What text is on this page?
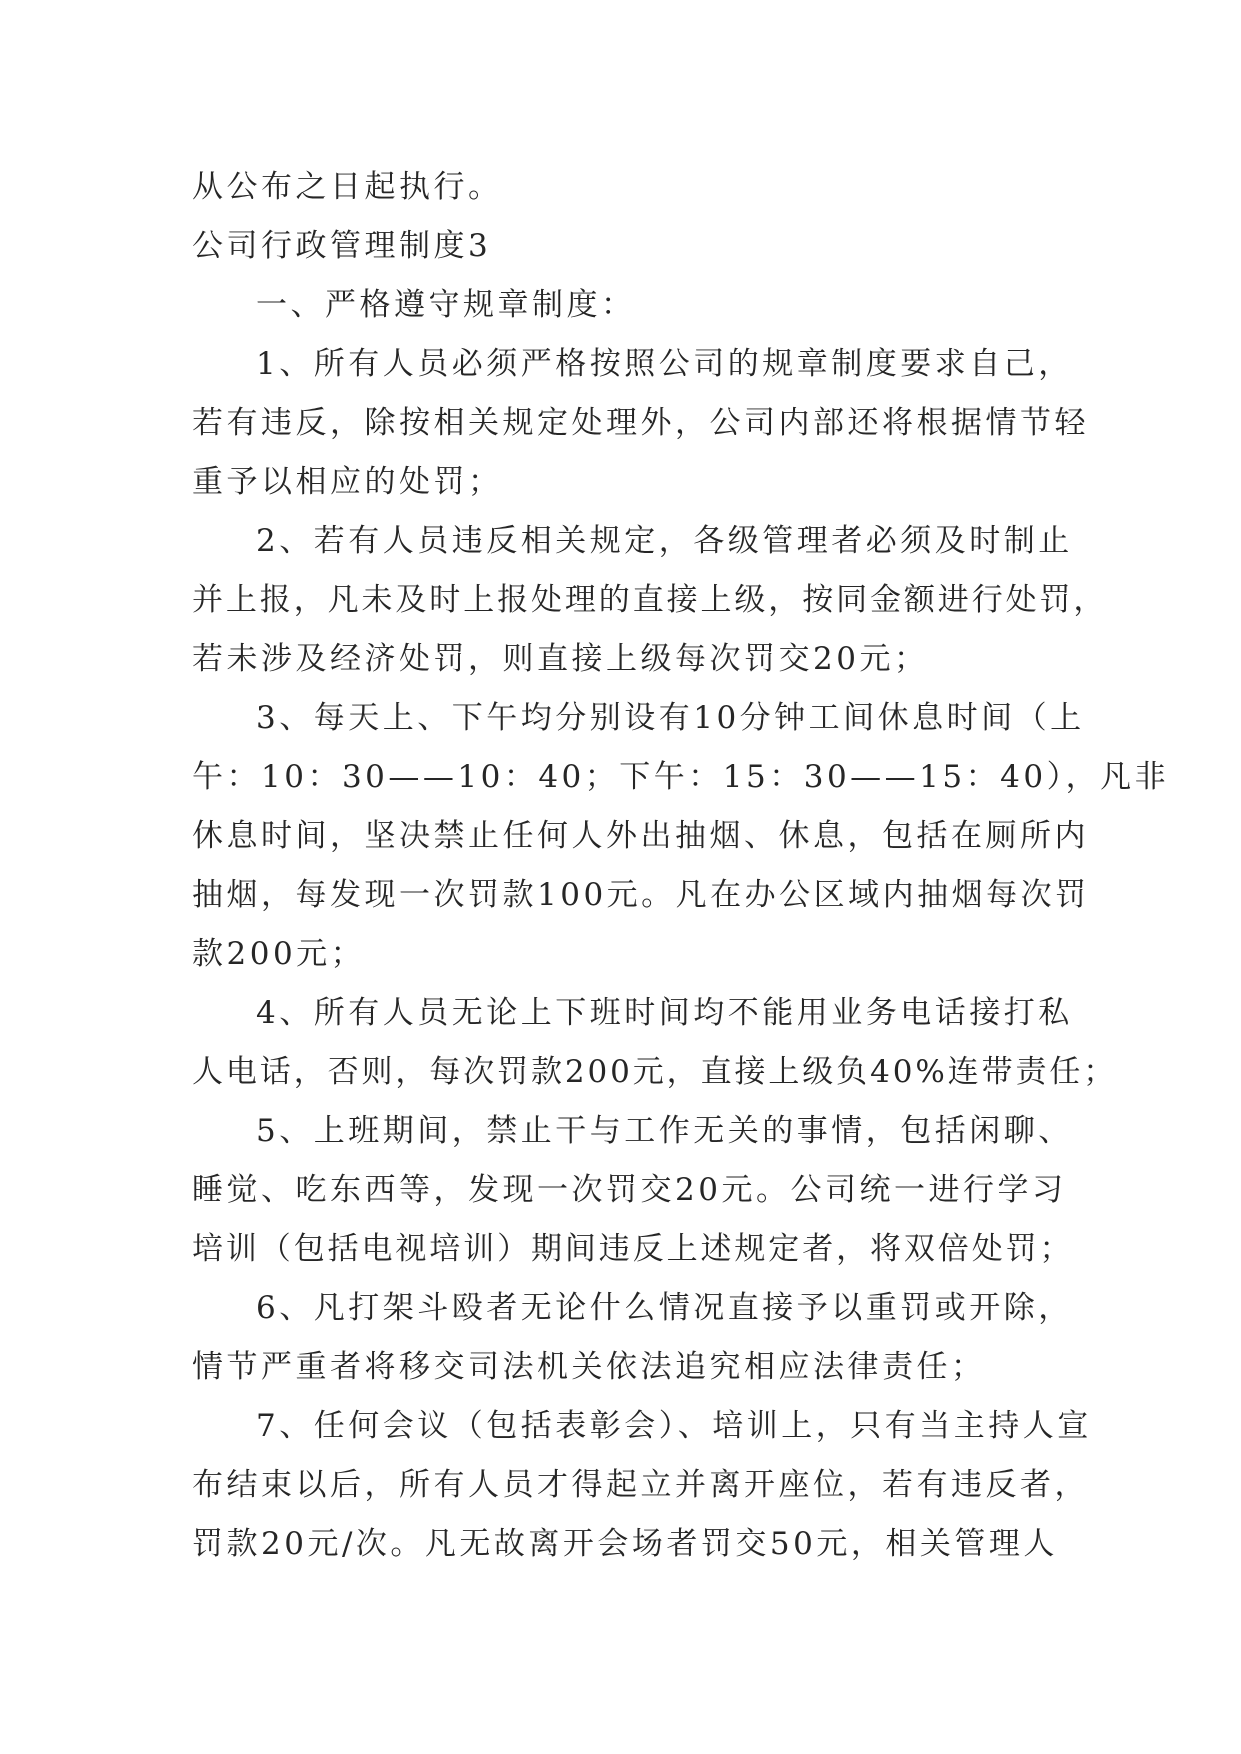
从公布之日起执行。
公司行政管理制度3
一、严格遵守规章制度：
1、所有人员必须严格按照公司的规章制度要求自己，
若有违反，除按相关规定处理外，公司内部还将根据情节轻
重予以相应的处罚；
2、若有人员违反相关规定，各级管理者必须及时制止
并上报，凡未及时上报处理的直接上级，按同金额进行处罚，
若未涉及经济处罚，则直接上级每次罚交20元；
3、每天上、下午均分别设有10分钟工间休息时间（上
午：10：30——10：40；下午：15：30——15：40），凡非
休息时间，坚决禁止任何人外出抽烟、休息，包括在厕所内
抽烟，每发现一次罚款100元。凡在办公区域内抽烟每次罚
款200元；
4、所有人员无论上下班时间均不能用业务电话接打私
人电话，否则，每次罚款200元，直接上级负40%连带责任；
5、上班期间，禁止干与工作无关的事情，包括闲聊、
睡觉、吃东西等，发现一次罚交20元。公司统一进行学习
培训（包括电视培训）期间违反上述规定者，将双倍处罚；
6、凡打架斗殴者无论什么情况直接予以重罚或开除，
情节严重者将移交司法机关依法追究相应法律责任；
7、任何会议（包括表彰会）、培训上，只有当主持人宣
布结束以后，所有人员才得起立并离开座位，若有违反者，
罚款20元/次。凡无故离开会场者罚交50元，相关管理人
